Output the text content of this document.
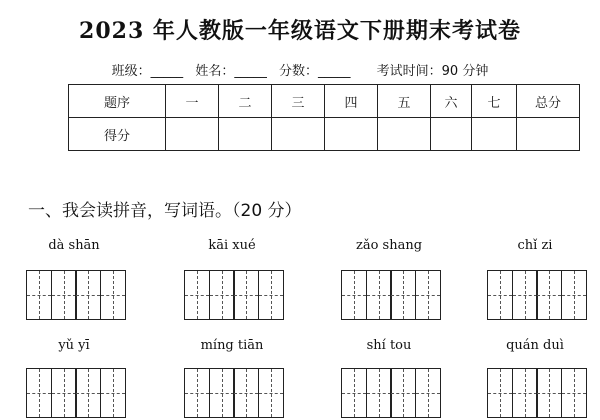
2023 年人教版一年级语文下册期末考试卷
班级：_____ 姓名：_____ 分数：_____ 考试时间：90 分钟
题序	一	二	三	四	五	六	七	总分
得分								
一、我会读拼音，写词语。（20 分）
dà shān	kāi xué	zǎo shang	chǐ zi
yǔ yī	míng tiān	shí tou	quán duì
